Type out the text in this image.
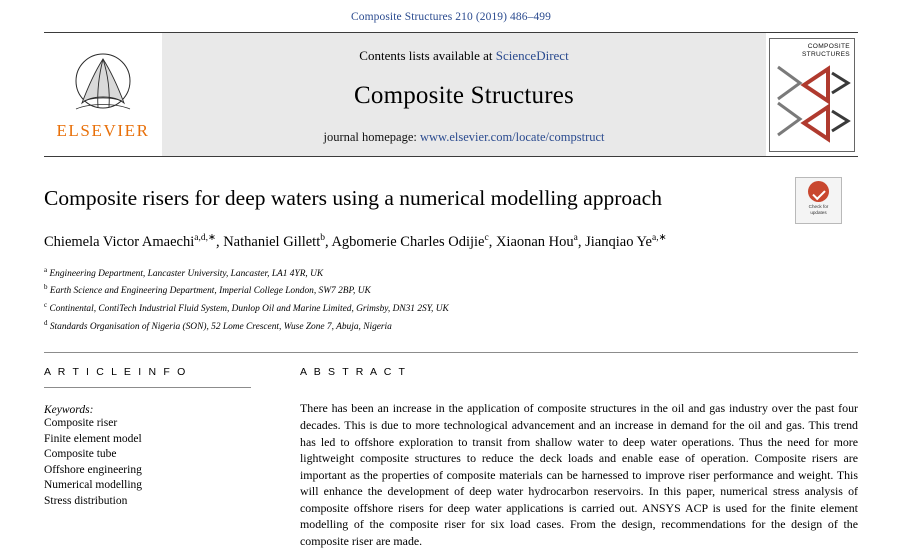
Composite Structures 210 (2019) 486–499
ELSEVIER
Contents lists available at ScienceDirect
Composite Structures
journal homepage: www.elsevier.com/locate/compstruct
COMPOSITE
STRUCTURES
Composite risers for deep waters using a numerical modelling approach	Check for
updates
Chiemela Victor Amaechi$^{a,d,∗}$, Nathaniel Gillett$^b$, Agbomerie Charles Odijie$^c$, Xiaonan Hou$^a$, Jianqiao $Ye^{a,∗}$
$^a$ Engineering Department, Lancaster University, Lancaster, LA1 4YR, UK
$^b$ Earth Science and Engineering Department, Imperial College London, SW7 2BP, UK
$^c$ Continental, ContiTech Industrial Fluid System, Dunlop Oil and Marine Limited, Grimsby, DN31 2SY, UK
$^d$ Standards Organisation of Nigeria (SON), 52 Lome Crescent, Wuse Zone 7, Abuja, Nigeria
A R T I C L E I N F O
Keywords:
Composite riser
Finite element model
Composite tube
Offshore engineering
Numerical modelling
Stress distribution
A B S T R A C T
There has been an increase in the application of composite structures in the oil and gas industry over the past four decades. This is due to more technological advancement and an increase in demand for the oil and gas. This trend has led to offshore exploration to transit from shallow water to deep water operations. Thus the need for more lightweight composite structures to reduce the deck loads and enable ease of operation. Composite risers are important as the properties of composite materials can be harnessed to improve riser performance and weight. This will enhance the development of deep water hydrocarbon reservoirs. In this paper, numerical stress analysis of composite offshore risers for deep water applications is carried out. ANSYS ACP is used for the finite element modelling of the composite riser for six load cases. From the design, recommendations for the design of the composite riser are made.
